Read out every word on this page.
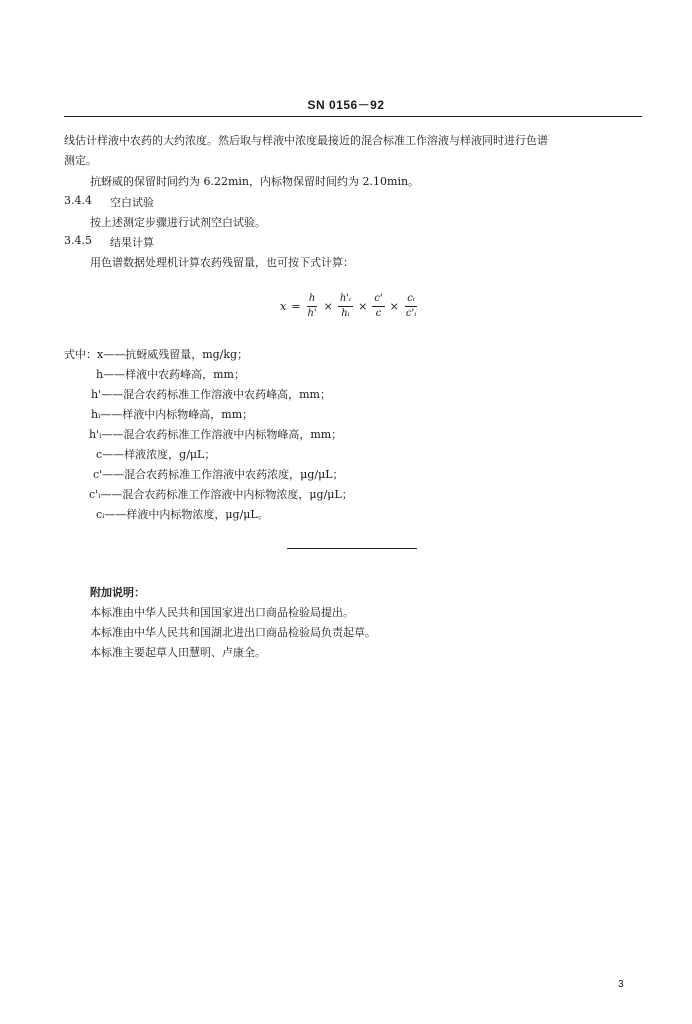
SN 0156－92
线估计样液中农药的大约浓度。然后取与样液中浓度最接近的混合标准工作溶液与样液同时进行色谱
测定。
抗蚜威的保留时间约为 6.22min，内标物保留时间约为 2.10min。
3.4.4 空白试验
按上述测定步骤进行试剂空白试验。
3.4.5 结果计算
用色谱数据处理机计算农药残留量，也可按下式计算：
$x = \frac{h}{h'} \times \frac{\text{h'ᵢ}}{\text{hᵢ}} \times \frac{c'}{c} \times \frac{\text{cᵢ}}{\text{c'ᵢ}}$
式中：x——抗蚜威残留量，mg/kg；
h——样液中农药峰高，mm；
h'——混合农药标准工作溶液中农药峰高，mm；
hᵢ——样液中内标物峰高，mm；
h'ᵢ——混合农药标准工作溶液中内标物峰高，mm；
c——样液浓度，g/μL；
c'——混合农药标准工作溶液中农药浓度，μg/μL；
c'ᵢ——混合农药标准工作溶液中内标物浓度，μg/μL；
cᵢ——样液中内标物浓度，μg/μL。
附加说明：
本标准由中华人民共和国国家进出口商品检验局提出。
本标准由中华人民共和国湖北进出口商品检验局负责起草。
本标准主要起草人田慧明、卢康全。
3
